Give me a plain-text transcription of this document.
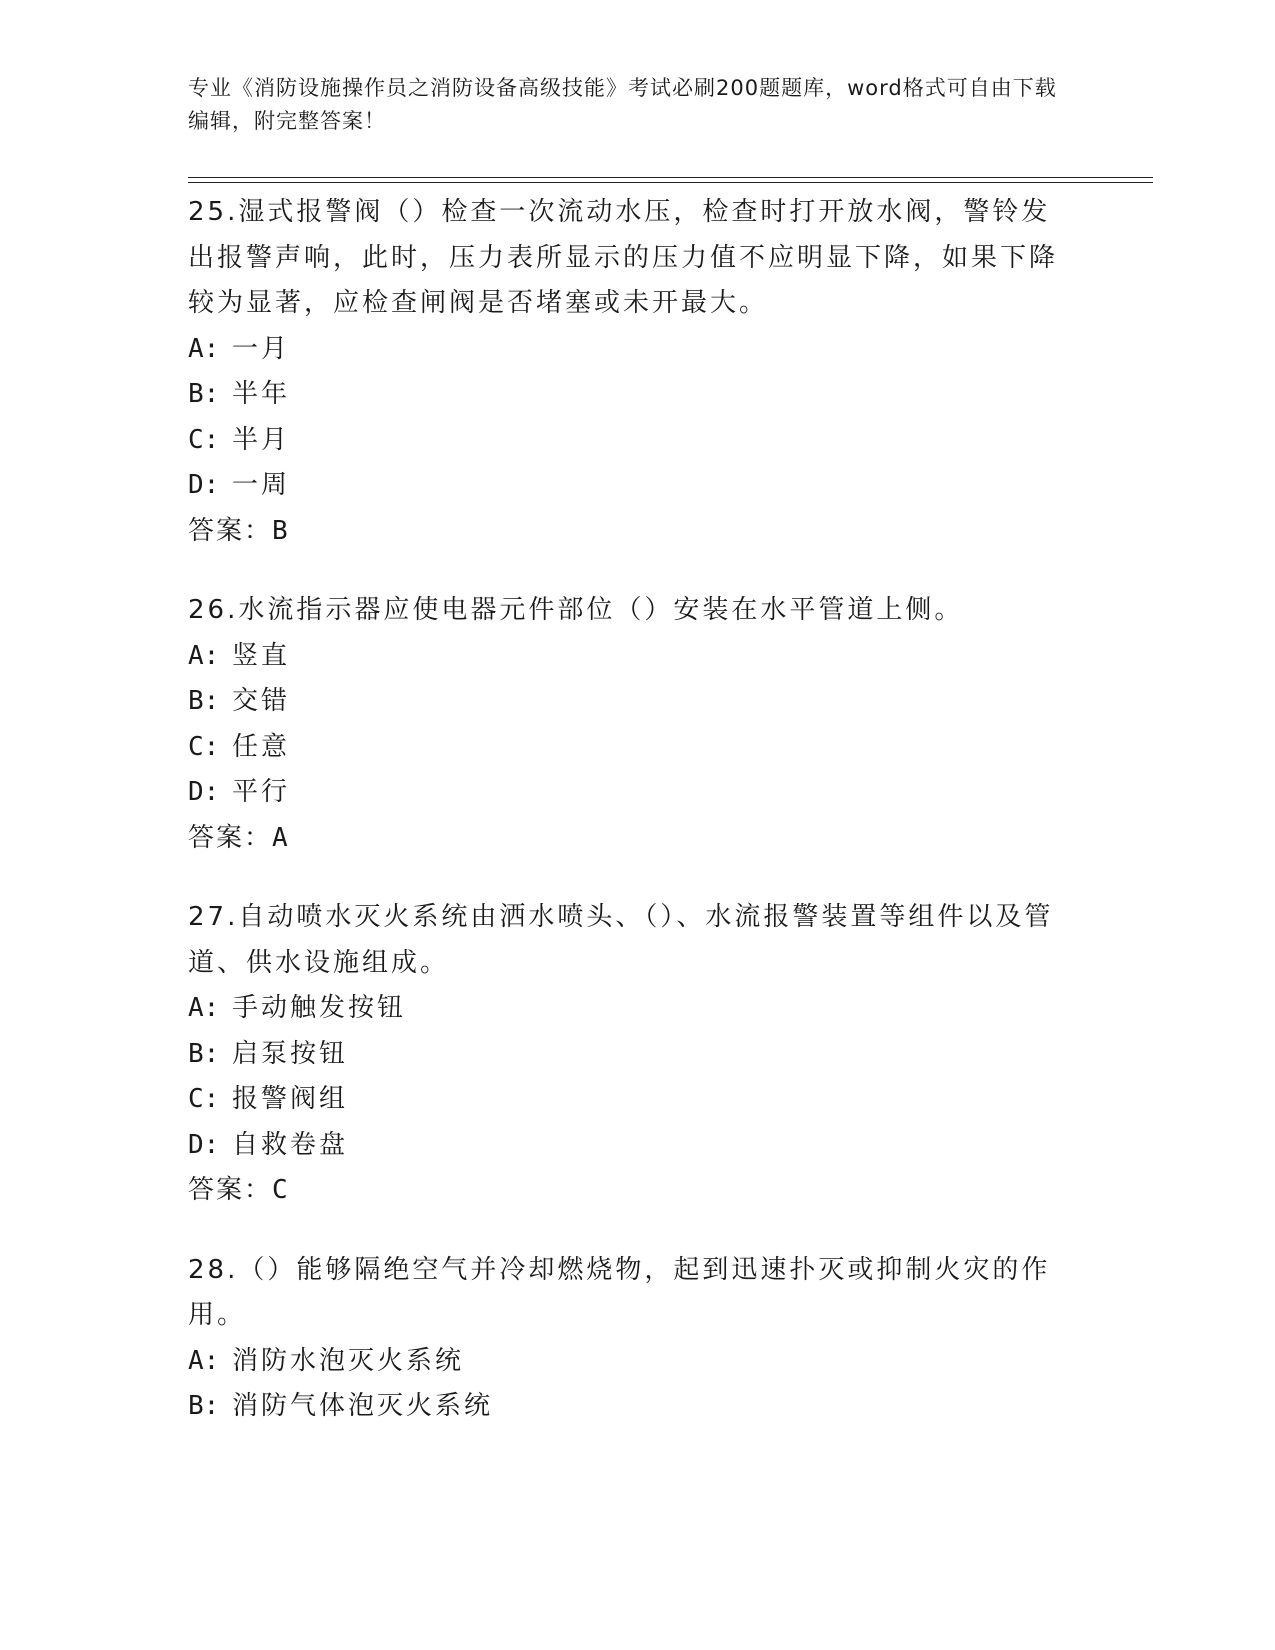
专业《消防设施操作员之消防设备高级技能》考试必刷200题题库，word格式可自由下载编辑，附完整答案！

25.湿式报警阀（）检查一次流动水压，检查时打开放水阀，警铃发出报警声响，此时，压力表所显示的压力值不应明显下降，如果下降较为显著，应检查闸阀是否堵塞或未开最大。

A: 一月

B: 半年

C: 半月

D: 一周

答案：B

26.水流指示器应使电器元件部位（）安装在水平管道上侧。

A: 竖直

B: 交错

C: 任意

D: 平行

答案：A

27.自动喷水灭火系统由洒水喷头、（）、水流报警装置等组件以及管道、供水设施组成。

A: 手动触发按钮

B: 启泵按钮

C: 报警阀组

D: 自救卷盘

答案：C

28.（）能够隔绝空气并冷却燃烧物，起到迅速扑灭或抑制火灾的作用。

A: 消防水泡灭火系统

B: 消防气体泡灭火系统
